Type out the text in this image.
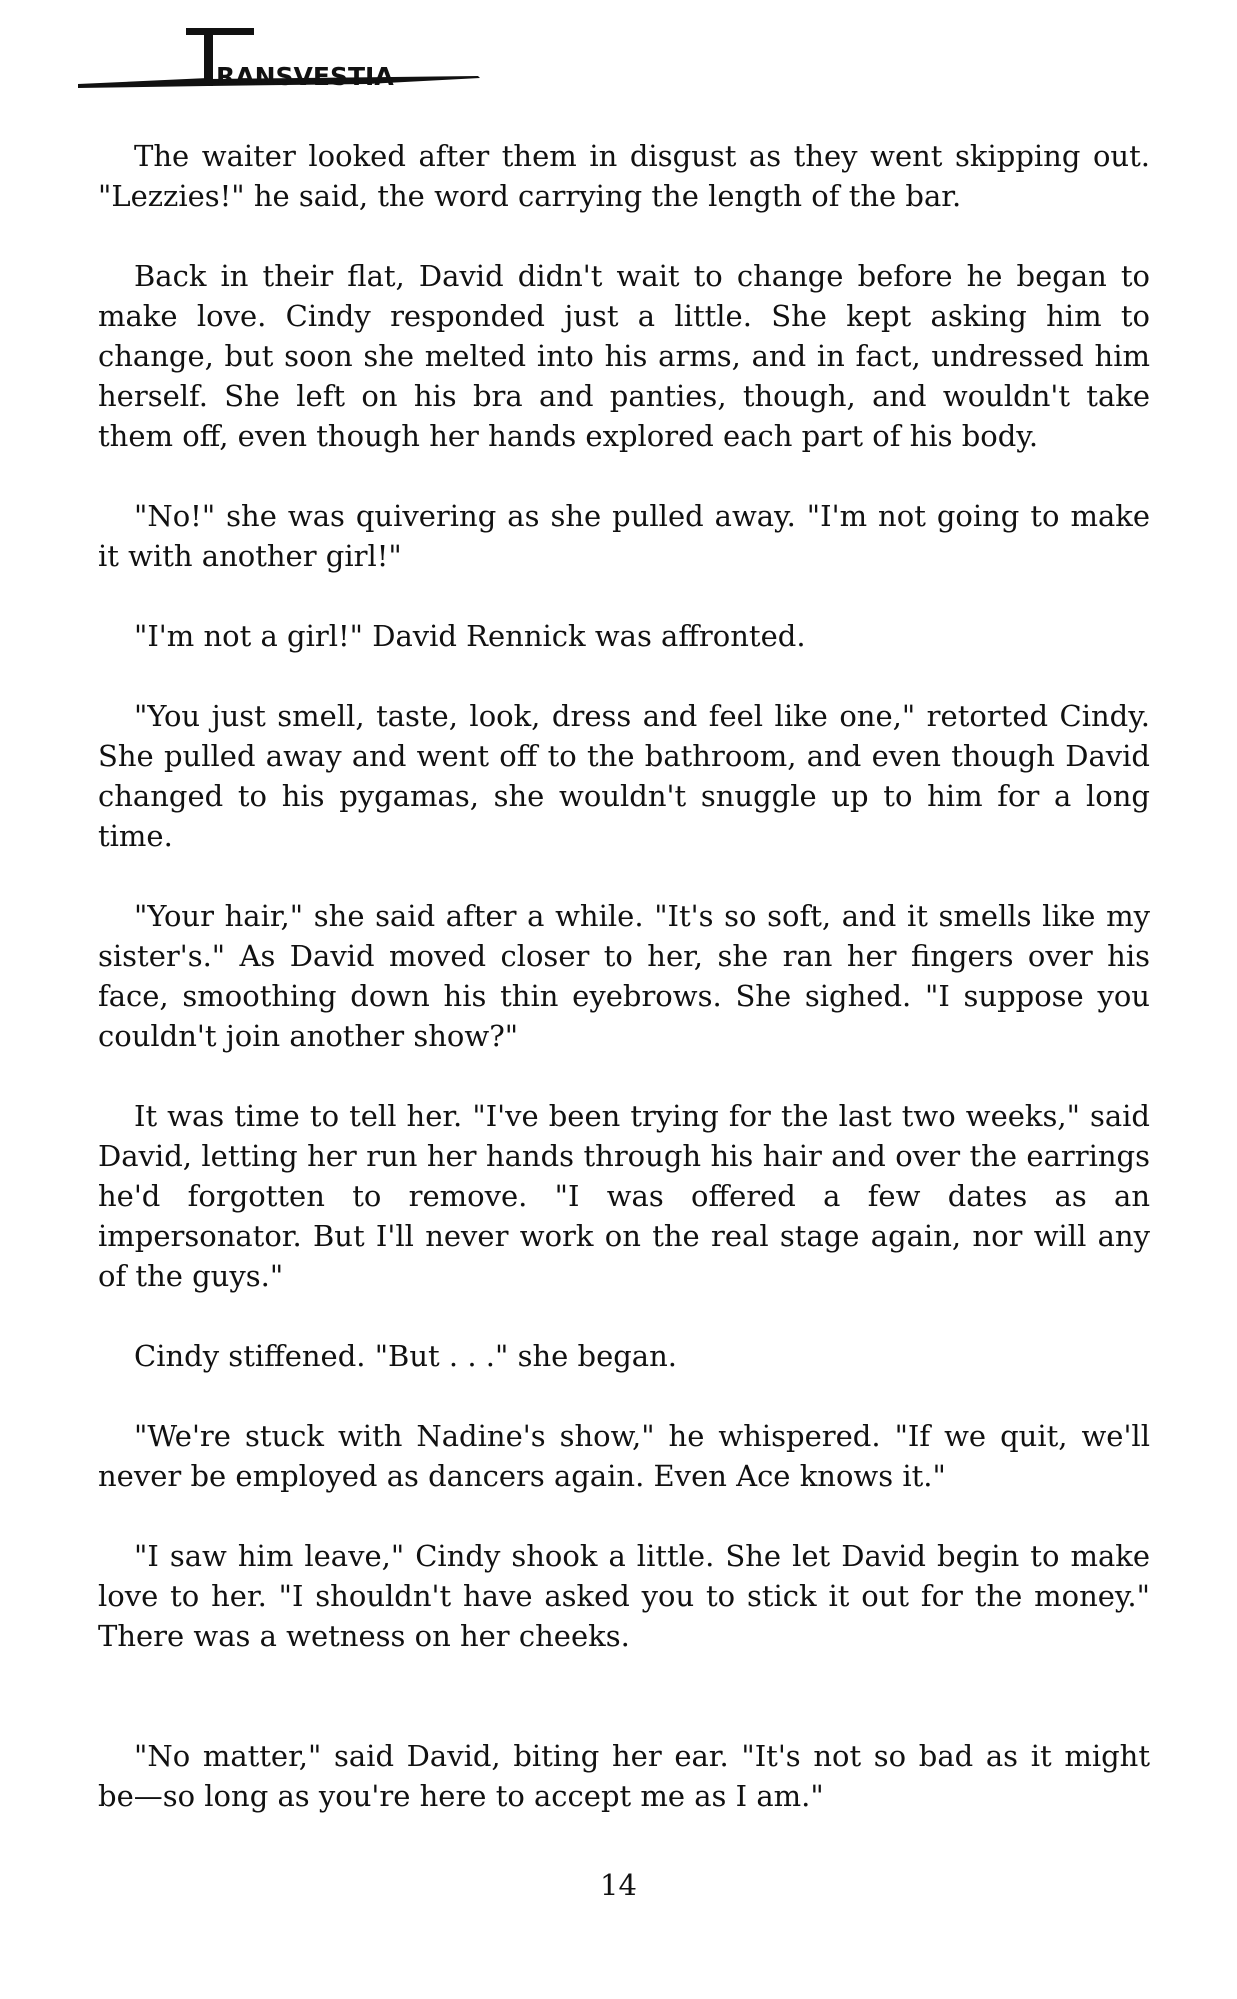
RANSVESTIA

The waiter looked after them in disgust as they went skipping out. "Lezzies!" he said, the word carrying the length of the bar.

Back in their flat, David didn't wait to change before he began to make love. Cindy responded just a little. She kept asking him to change, but soon she melted into his arms, and in fact, undressed him herself. She left on his bra and panties, though, and wouldn't take them off, even though her hands explored each part of his body.

"No!" she was quivering as she pulled away. "I'm not going to make it with another girl!"

"I'm not a girl!" David Rennick was affronted.

"You just smell, taste, look, dress and feel like one," retorted Cindy. She pulled away and went off to the bathroom, and even though David changed to his pygamas, she wouldn't snuggle up to him for a long time.

"Your hair," she said after a while. "It's so soft, and it smells like my sister's." As David moved closer to her, she ran her fingers over his face, smoothing down his thin eyebrows. She sighed. "I suppose you couldn't join another show?"

It was time to tell her. "I've been trying for the last two weeks," said David, letting her run her hands through his hair and over the earrings he'd forgotten to remove. "I was offered a few dates as an impersonator. But I'll never work on the real stage again, nor will any of the guys."

Cindy stiffened. "But . . ." she began.

"We're stuck with Nadine's show," he whispered. "If we quit, we'll never be employed as dancers again. Even Ace knows it."

"I saw him leave," Cindy shook a little. She let David begin to make love to her. "I shouldn't have asked you to stick it out for the money." There was a wetness on her cheeks.

"No matter," said David, biting her ear. "It's not so bad as it might be—so long as you're here to accept me as I am."

14
